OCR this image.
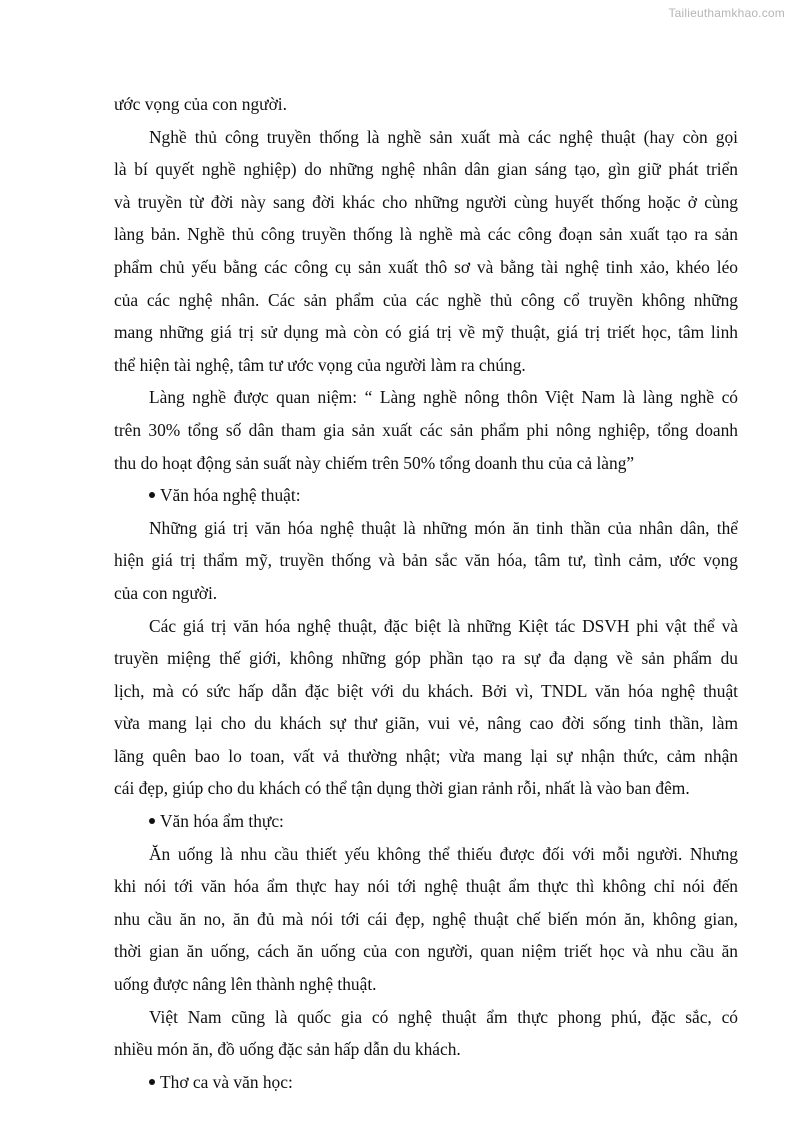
Tailieuthamkhao.com
ước vọng của con người.
Nghề thủ công truyền thống là nghề sản xuất mà các nghệ thuật (hay còn gọi
là bí quyết nghề nghiệp) do những nghệ nhân dân gian sáng tạo, gìn giữ phát triển
và truyền từ đời này sang đời khác cho những người cùng huyết thống hoặc ở cùng
làng bản. Nghề thủ công truyền thống là nghề mà các công đoạn sản xuất tạo ra sản
phẩm chủ yếu bằng các công cụ sản xuất thô sơ và bằng tài nghệ tinh xảo, khéo léo
của các nghệ nhân. Các sản phẩm của các nghề thủ công cổ truyền không những
mang những giá trị sử dụng mà còn có giá trị về mỹ thuật, giá trị triết học, tâm linh
thể hiện tài nghệ, tâm tư ước vọng của người làm ra chúng.
Làng nghề được quan niệm: “ Làng nghề nông thôn Việt Nam là làng nghề có
trên 30% tổng số dân tham gia sản xuất các sản phẩm phi nông nghiệp, tổng doanh
thu do hoạt động sản suất này chiếm trên 50% tổng doanh thu của cả làng”
Văn hóa nghệ thuật:
Những giá trị văn hóa nghệ thuật là những món ăn tinh thần của nhân dân, thể
hiện giá trị thẩm mỹ, truyền thống và bản sắc văn hóa, tâm tư, tình cảm, ước vọng
của con người.
Các giá trị văn hóa nghệ thuật, đặc biệt là những Kiệt tác DSVH phi vật thể và
truyền miệng thế giới, không những góp phần tạo ra sự đa dạng về sản phẩm du
lịch, mà có sức hấp dẫn đặc biệt với du khách. Bởi vì, TNDL văn hóa nghệ thuật
vừa mang lại cho du khách sự thư giãn, vui vẻ, nâng cao đời sống tinh thần, làm
lãng quên bao lo toan, vất vả thường nhật; vừa mang lại sự nhận thức, cảm nhận
cái đẹp, giúp cho du khách có thể tận dụng thời gian rảnh rỗi, nhất là vào ban đêm.
Văn hóa ẩm thực:
Ăn uống là nhu cầu thiết yếu không thể thiếu được đối với mỗi người. Nhưng
khi nói tới văn hóa ẩm thực hay nói tới nghệ thuật ẩm thực thì không chỉ nói đến
nhu cầu ăn no, ăn đủ mà nói tới cái đẹp, nghệ thuật chế biến món ăn, không gian,
thời gian ăn uống, cách ăn uống của con người, quan niệm triết học và nhu cầu ăn
uống được nâng lên thành nghệ thuật.
Việt Nam cũng là quốc gia có nghệ thuật ẩm thực phong phú, đặc sắc, có
nhiều món ăn, đồ uống đặc sản hấp dẫn du khách.
Thơ ca và văn học:
